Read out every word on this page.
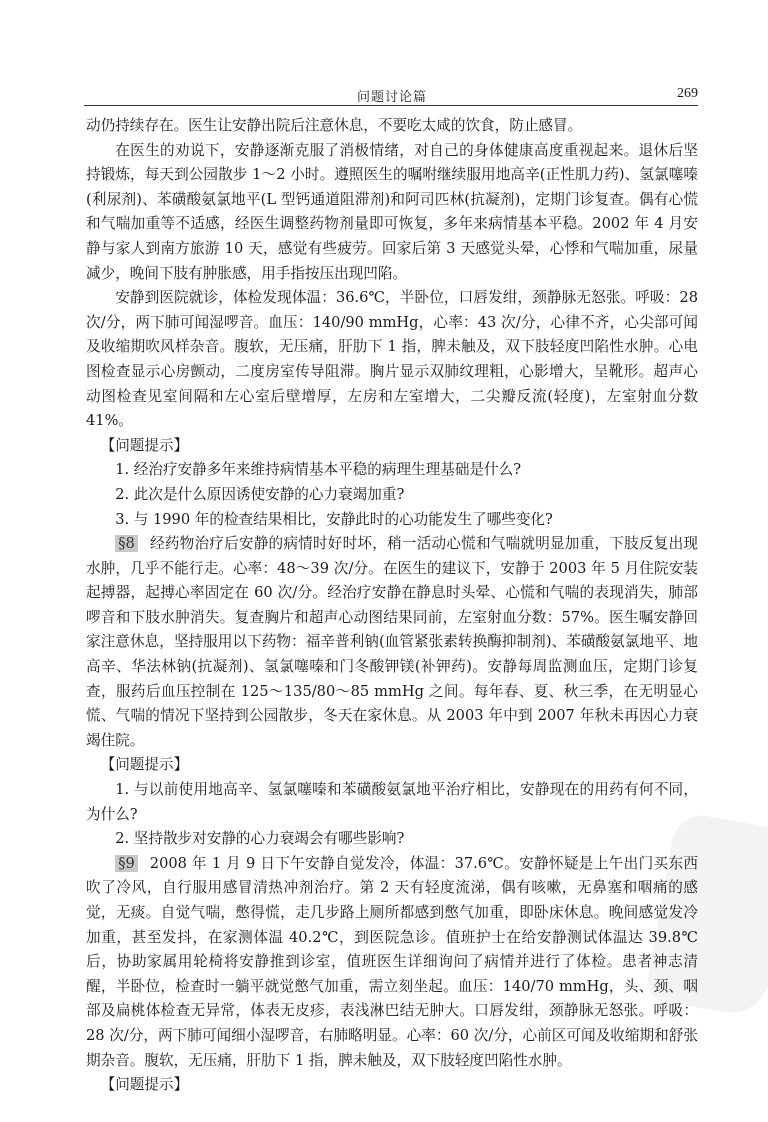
问题讨论篇	269

动仍持续存在。医生让安静出院后注意休息，不要吃太咸的饮食，防止感冒。

在医生的劝说下，安静逐渐克服了消极情绪，对自己的身体健康高度重视起来。退休后坚持锻炼，每天到公园散步 1～2 小时。遵照医生的嘱咐继续服用地高辛(正性肌力药)、氢氯噻嗪(利尿剂)、苯磺酸氨氯地平(L 型钙通道阻滞剂)和阿司匹林(抗凝剂)，定期门诊复查。偶有心慌和气喘加重等不适感，经医生调整药物剂量即可恢复，多年来病情基本平稳。2002 年 4 月安静与家人到南方旅游 10 天，感觉有些疲劳。回家后第 3 天感觉头晕，心悸和气喘加重，尿量减少，晚间下肢有肿胀感，用手指按压出现凹陷。

安静到医院就诊，体检发现体温：36.6℃，半卧位，口唇发绀，颈静脉无怒张。呼吸：28 次/分，两下肺可闻湿啰音。血压：140/90 mmHg，心率：43 次/分，心律不齐，心尖部可闻及收缩期吹风样杂音。腹软，无压痛，肝肋下 1 指，脾未触及，双下肢轻度凹陷性水肿。心电图检查显示心房颤动，二度房室传导阻滞。胸片显示双肺纹理粗，心影增大，呈靴形。超声心动图检查见室间隔和左心室后壁增厚，左房和左室增大，二尖瓣反流(轻度)，左室射血分数 41%。

【问题提示】

1. 经治疗安静多年来维持病情基本平稳的病理生理基础是什么?

2. 此次是什么原因诱使安静的心力衰竭加重?

3. 与 1990 年的检查结果相比，安静此时的心功能发生了哪些变化?

§8 经药物治疗后安静的病情时好时坏，稍一活动心慌和气喘就明显加重，下肢反复出现水肿，几乎不能行走。心率：48～39 次/分。在医生的建议下，安静于 2003 年 5 月住院安装起搏器，起搏心率固定在 60 次/分。经治疗安静在静息时头晕、心慌和气喘的表现消失，肺部啰音和下肢水肿消失。复查胸片和超声心动图结果同前，左室射血分数：57%。医生嘱安静回家注意休息，坚持服用以下药物：福辛普利钠(血管紧张素转换酶抑制剂)、苯磺酸氨氯地平、地高辛、华法林钠(抗凝剂)、氢氯噻嗪和门冬酸钾镁(补钾药)。安静每周监测血压，定期门诊复查，服药后血压控制在 125～135/80～85 mmHg 之间。每年春、夏、秋三季，在无明显心慌、气喘的情况下坚持到公园散步，冬天在家休息。从 2003 年中到 2007 年秋未再因心力衰竭住院。

【问题提示】

1. 与以前使用地高辛、氢氯噻嗪和苯磺酸氨氯地平治疗相比，安静现在的用药有何不同，为什么?

2. 坚持散步对安静的心力衰竭会有哪些影响?

§9 2008 年 1 月 9 日下午安静自觉发冷，体温：37.6℃。安静怀疑是上午出门买东西吹了冷风，自行服用感冒清热冲剂治疗。第 2 天有轻度流涕，偶有咳嗽，无鼻塞和咽痛的感觉，无痰。自觉气喘，憋得慌，走几步路上厕所都感到憋气加重，即卧床休息。晚间感觉发冷加重，甚至发抖，在家测体温 40.2℃，到医院急诊。值班护士在给安静测试体温达 39.8℃后，协助家属用轮椅将安静推到诊室，值班医生详细询问了病情并进行了体检。患者神志清醒，半卧位，检查时一躺平就觉憋气加重，需立刻坐起。血压：140/70 mmHg，头、颈、咽部及扁桃体检查无异常，体表无皮疹，表浅淋巴结无肿大。口唇发绀，颈静脉无怒张。呼吸：28 次/分，两下肺可闻细小湿啰音，右肺略明显。心率：60 次/分，心前区可闻及收缩期和舒张期杂音。腹软，无压痛，肝肋下 1 指，脾未触及，双下肢轻度凹陷性水肿。

【问题提示】
